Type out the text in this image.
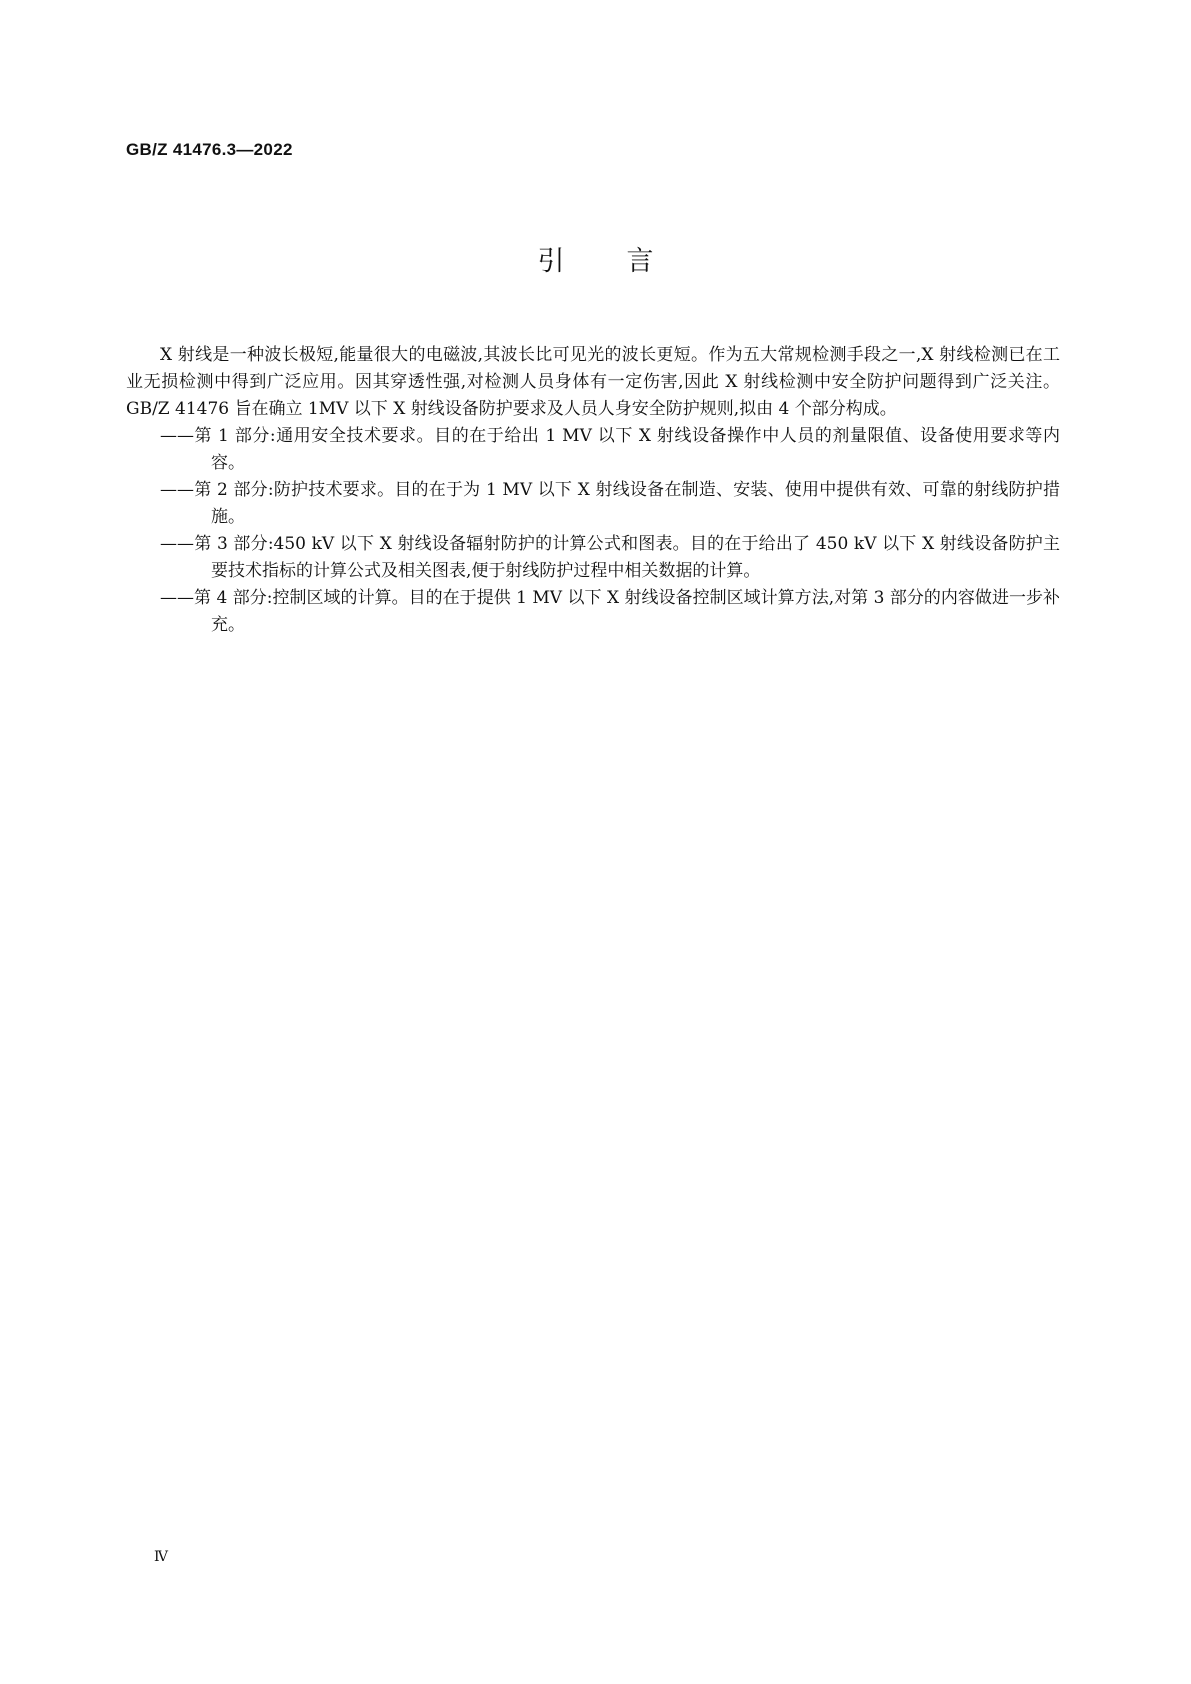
GB/Z 41476.3—2022
引言

X 射线是一种波长极短,能量很大的电磁波,其波长比可见光的波长更短。作为五大常规检测手段之一,X 射线检测已在工业无损检测中得到广泛应用。因其穿透性强,对检测人员身体有一定伤害,因此 X 射线检测中安全防护问题得到广泛关注。GB/Z 41476 旨在确立 1MV 以下 X 射线设备防护要求及人员人身安全防护规则,拟由 4 个部分构成。

——第 1 部分:通用安全技术要求。目的在于给出 1 MV 以下 X 射线设备操作中人员的剂量限值、设备使用要求等内容。

——第 2 部分:防护技术要求。目的在于为 1 MV 以下 X 射线设备在制造、安装、使用中提供有效、可靠的射线防护措施。

——第 3 部分:450 kV 以下 X 射线设备辐射防护的计算公式和图表。目的在于给出了 450 kV 以下 X 射线设备防护主要技术指标的计算公式及相关图表,便于射线防护过程中相关数据的计算。

——第 4 部分:控制区域的计算。目的在于提供 1 MV 以下 X 射线设备控制区域计算方法,对第 3 部分的内容做进一步补充。

Ⅳ
